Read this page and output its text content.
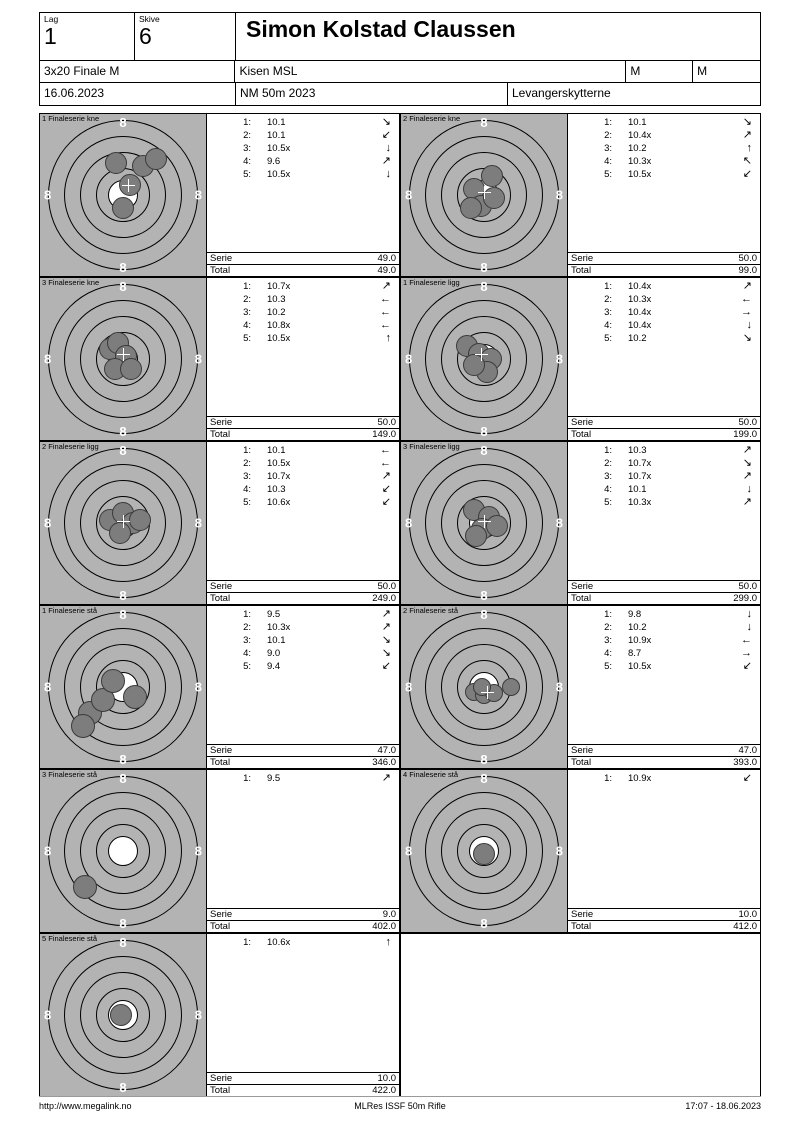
Lag
1
Skive
6	Simon Kolstad Claussen
3x20 Finale M	Kisen MSL	M	M
16.06.2023	NM 50m 2023	Levangerskytterne
1 Finaleserie kne 8
8
8	8
1:	10.1	↘
2:	10.1	↙
3:	10.5x	↓
4:	9.6	↗
5:	10.5x	↓
Serie	49.0
Total	49.0
2 Finaleserie kne 8
8
8	8
1:	10.1	↘
2:	10.4x	↗
3:	10.2	↑
4:	10.3x	↖
5:	10.5x	↙
Serie	50.0
Total	99.0
3 Finaleserie kne 8
8
8	8
1:	10.7x	↗
2:	10.3	←
3:	10.2	←
4:	10.8x	←
5:	10.5x	↑
Serie	50.0
Total	149.0
1 Finaleserie ligg 8
8
8	8
1:	10.4x	↗
2:	10.3x	←
3:	10.4x	→
4:	10.4x	↓
5:	10.2	↘
Serie	50.0
Total	199.0
2 Finaleserie ligg 8
8
8	8
1:	10.1	←
2:	10.5x	←
3:	10.7x	↗
4:	10.3	↙
5:	10.6x	↙
Serie	50.0
Total	249.0
3 Finaleserie ligg 8
8
8	8
1:	10.3	↗
2:	10.7x	↘
3:	10.7x	↗
4:	10.1	↓
5:	10.3x	↗
Serie	50.0
Total	299.0
1 Finaleserie stå 8
8
8	8
1:	9.5	↗
2:	10.3x	↗
3:	10.1	↘
4:	9.0	↘
5:	9.4	↙
Serie	47.0
Total	346.0
2 Finaleserie stå 8
8
8	8
1:	9.8	↓
2:	10.2	↓
3:	10.9x	←
4:	8.7	→
5:	10.5x	↙
Serie	47.0
Total	393.0
3 Finaleserie stå 8
8
8	8
1:	9.5	↗
Serie	9.0
Total	402.0
4 Finaleserie stå 8
8
8	8
1:	10.9x	↙
Serie	10.0
Total	412.0
5 Finaleserie stå 8
8
8	8
1:	10.6x	↑
Serie	10.0
Total	422.0
http://www.megalink.no	MLRes ISSF 50m Rifle	17:07 - 18.06.2023
